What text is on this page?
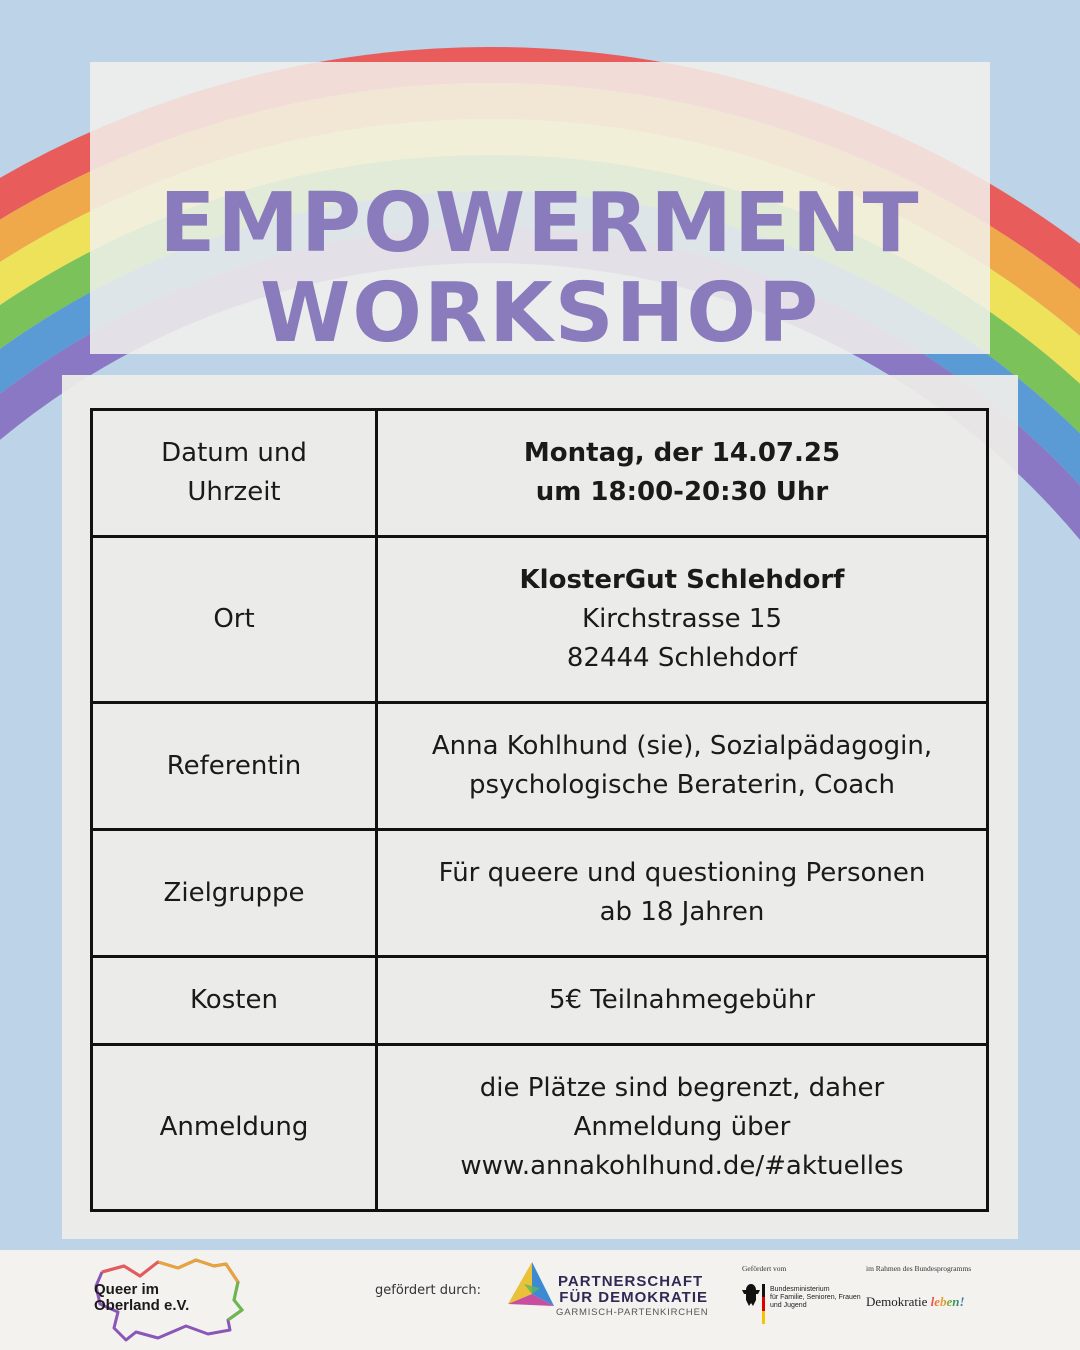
EMPOWERMENT
WORKSHOP
Datum und
Uhrzeit	Montag, der 14.07.25
um 18:00-20:30 Uhr

Ort	KlosterGut Schlehdorf
Kirchstrasse 15
82444 Schlehdorf

Referentin	Anna Kohlhund (sie), Sozialpädagogin,
psychologische Beraterin, Coach

Zielgruppe	Für queere und questioning Personen
ab 18 Jahren

Kosten	5€ Teilnahmegebühr

Anmeldung	die Plätze sind begrenzt, daher
Anmeldung über
www.annakohlhund.de/#aktuelles
Queer im
Oberland e.V.
gefördert durch:
PARTNERSCHAFT
FÜR DEMOKRATIE
GARMISCH-PARTENKIRCHEN
Gefördert vom
Bundesministerium
für Familie, Senioren, Frauen
und Jugend
im Rahmen des Bundesprogramms
Demokratie leben!
